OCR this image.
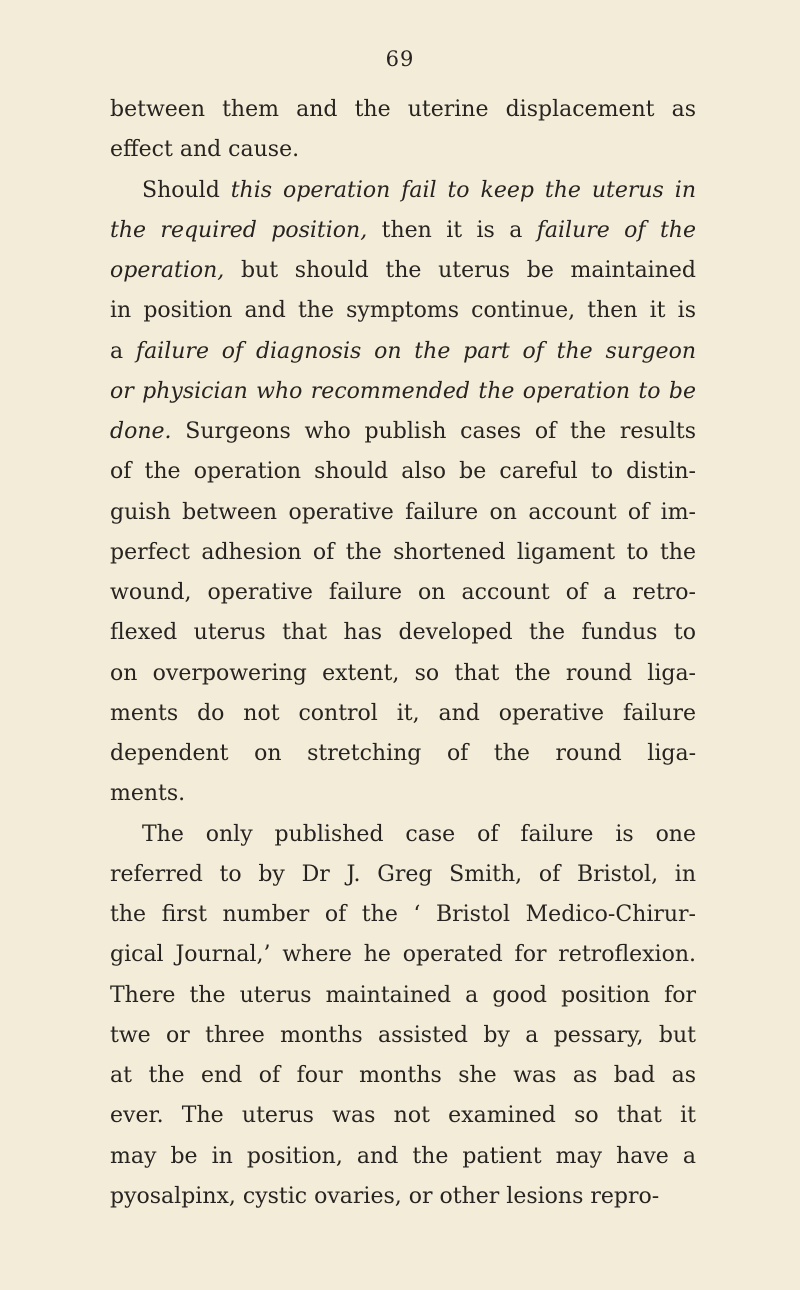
69
between them and the uterine displacement as
effect and cause.
Should this operation fail to keep the uterus in
the required position, then it is a failure of the
operation, but should the uterus be maintained
in position and the symptoms continue, then it is
a failure of diagnosis on the part of the surgeon
or physician who recommended the operation to be
done. Surgeons who publish cases of the results
of the operation should also be careful to distin-
guish between operative failure on account of im-
perfect adhesion of the shortened ligament to the
wound, operative failure on account of a retro-
flexed uterus that has developed the fundus to
on overpowering extent, so that the round liga-
ments do not control it, and operative failure
dependent on stretching of the round liga-
ments.
The only published case of failure is one
referred to by Dr J. Greg Smith, of Bristol, in
the first number of the ‘ Bristol Medico-Chirur-
gical Journal,’ where he operated for retroflexion.
There the uterus maintained a good position for
twe or three months assisted by a pessary, but
at the end of four months she was as bad as
ever. The uterus was not examined so that it
may be in position, and the patient may have a
pyosalpinx, cystic ovaries, or other lesions repro-
